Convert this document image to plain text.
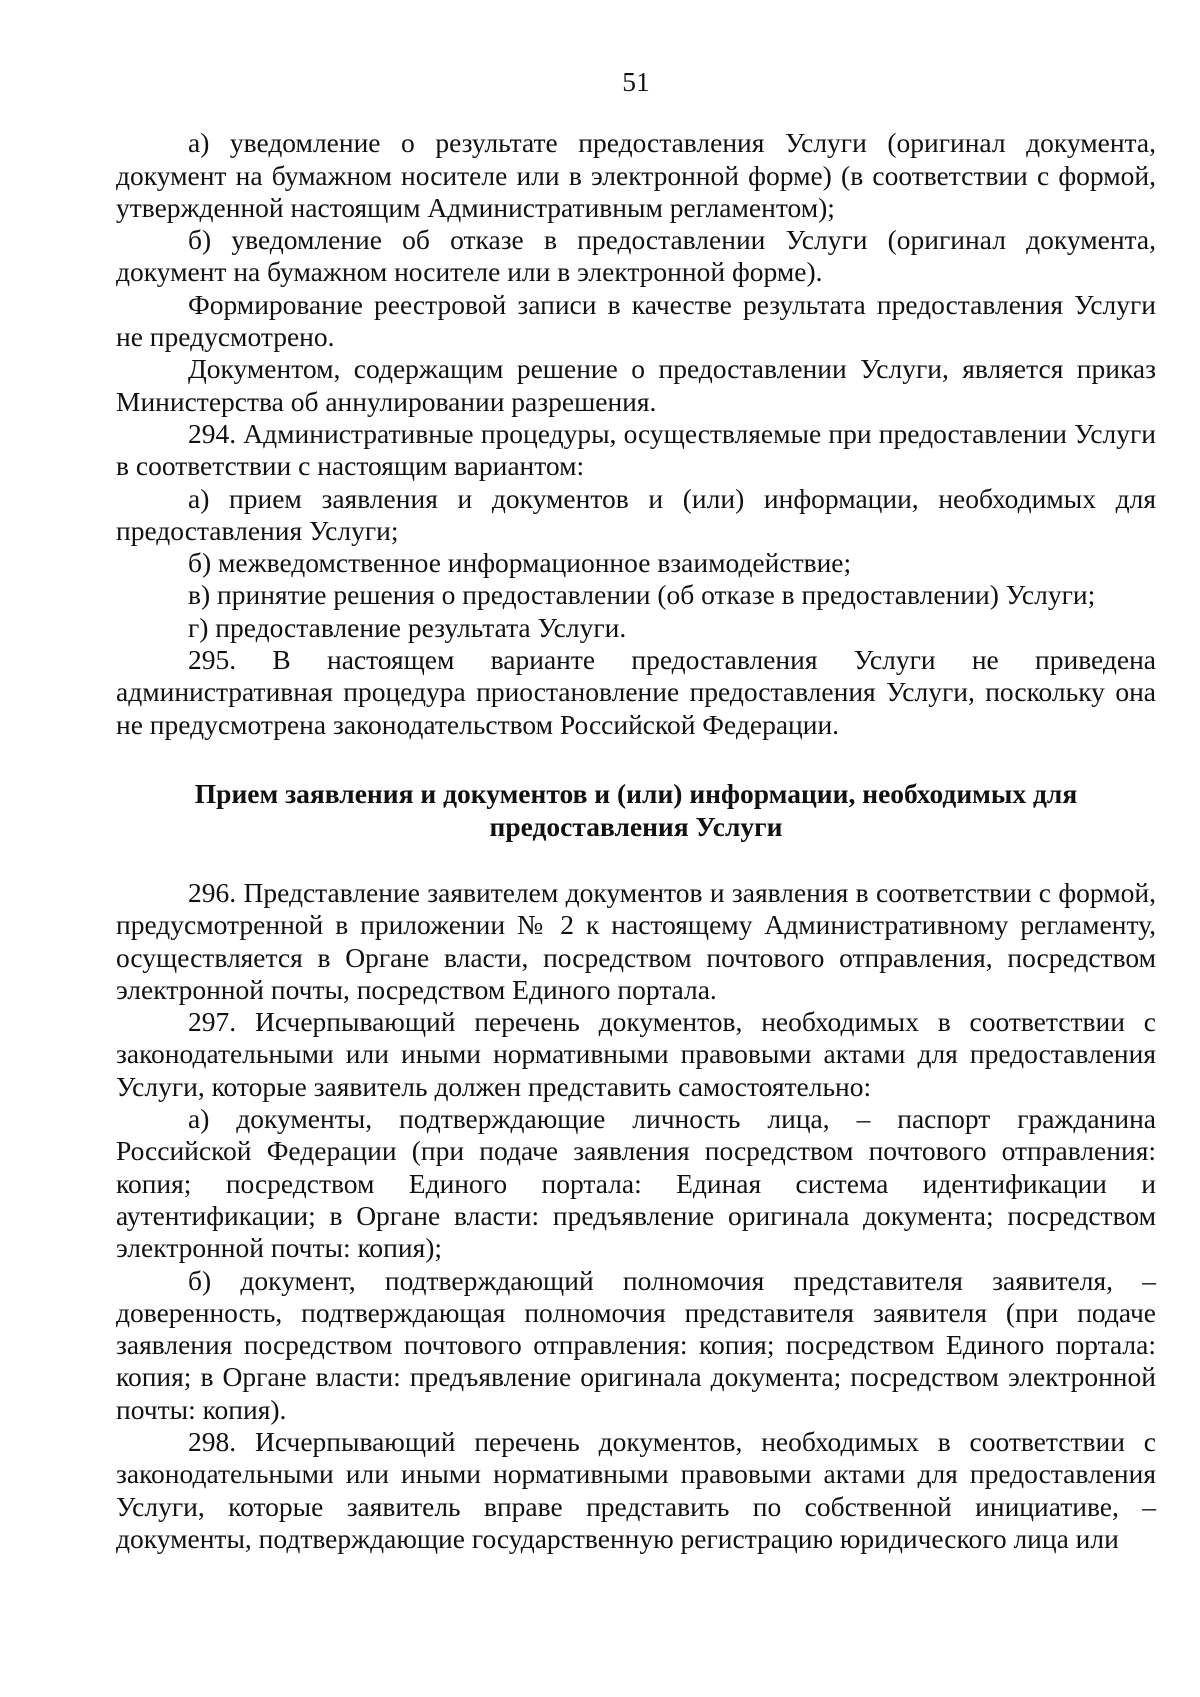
51

а) уведомление о результате предоставления Услуги (оригинал документа, документ на бумажном носителе или в электронной форме) (в соответствии с формой, утвержденной настоящим Административным регламентом);

б) уведомление об отказе в предоставлении Услуги (оригинал документа, документ на бумажном носителе или в электронной форме).

Формирование реестровой записи в качестве результата предоставления Услуги не предусмотрено.

Документом, содержащим решение о предоставлении Услуги, является приказ Министерства об аннулировании разрешения.

294. Административные процедуры, осуществляемые при предоставлении Услуги в соответствии с настоящим вариантом:

а) прием заявления и документов и (или) информации, необходимых для предоставления Услуги;

б) межведомственное информационное взаимодействие;

в) принятие решения о предоставлении (об отказе в предоставлении) Услуги;

г) предоставление результата Услуги.

295. В настоящем варианте предоставления Услуги не приведена административная процедура приостановление предоставления Услуги, поскольку она не предусмотрена законодательством Российской Федерации.

Прием заявления и документов и (или) информации, необходимых для
предоставления Услуги

296. Представление заявителем документов и заявления в соответствии с формой, предусмотренной в приложении № 2 к настоящему Административному регламенту, осуществляется в Органе власти, посредством почтового отправления, посредством электронной почты, посредством Единого портала.

297. Исчерпывающий перечень документов, необходимых в соответствии с законодательными или иными нормативными правовыми актами для предоставления Услуги, которые заявитель должен представить самостоятельно:

а) документы, подтверждающие личность лица, – паспорт гражданина Российской Федерации (при подаче заявления посредством почтового отправления: копия; посредством Единого портала: Единая система идентификации и аутентификации; в Органе власти: предъявление оригинала документа; посредством электронной почты: копия);

б) документ, подтверждающий полномочия представителя заявителя, – доверенность, подтверждающая полномочия представителя заявителя (при подаче заявления посредством почтового отправления: копия; посредством Единого портала: копия; в Органе власти: предъявление оригинала документа; посредством электронной почты: копия).

298. Исчерпывающий перечень документов, необходимых в соответствии с законодательными или иными нормативными правовыми актами для предоставления Услуги, которые заявитель вправе представить по собственной инициативе, – документы, подтверждающие государственную регистрацию юридического лица или
